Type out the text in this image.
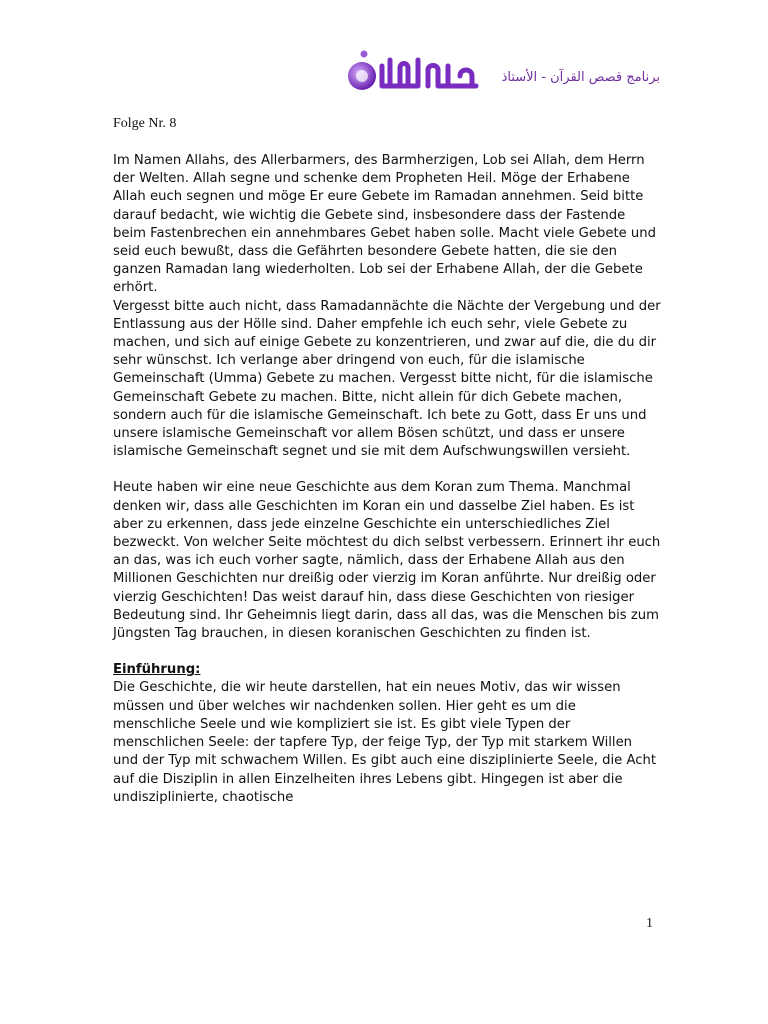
برنامج قصص القرآن - الأستاذ
Folge Nr. 8

Im Namen Allahs, des Allerbarmers, des Barmherzigen, Lob sei Allah, dem Herrn der Welten. Allah segne und schenke dem Propheten Heil. Möge der Erhabene Allah euch segnen und möge Er eure Gebete im Ramadan annehmen. Seid bitte darauf bedacht, wie wichtig die Gebete sind, insbesondere dass der Fastende beim Fastenbrechen ein annehmbares Gebet haben solle. Macht viele Gebete und seid euch bewußt, dass die Gefährten besondere Gebete hatten, die sie den ganzen Ramadan lang wiederholten. Lob sei der Erhabene Allah, der die Gebete erhört.

Vergesst bitte auch nicht, dass Ramadannächte die Nächte der Vergebung und der Entlassung aus der Hölle sind. Daher empfehle ich euch sehr, viele Gebete zu machen, und sich auf einige Gebete zu konzentrieren, und zwar auf die, die du dir sehr wünschst. Ich verlange aber dringend von euch, für die islamische Gemeinschaft (Umma) Gebete zu machen. Vergesst bitte nicht, für die islamische Gemeinschaft Gebete zu machen. Bitte, nicht allein für dich Gebete machen, sondern auch für die islamische Gemeinschaft. Ich bete zu Gott, dass Er uns und unsere islamische Gemeinschaft vor allem Bösen schützt, und dass er unsere islamische Gemeinschaft segnet und sie mit dem Aufschwungswillen versieht.

Heute haben wir eine neue Geschichte aus dem Koran zum Thema. Manchmal denken wir, dass alle Geschichten im Koran ein und dasselbe Ziel haben. Es ist aber zu erkennen, dass jede einzelne Geschichte ein unterschiedliches Ziel bezweckt. Von welcher Seite möchtest du dich selbst verbessern. Erinnert ihr euch an das, was ich euch vorher sagte, nämlich, dass der Erhabene Allah aus den Millionen Geschichten nur dreißig oder vierzig im Koran anführte. Nur dreißig oder vierzig Geschichten! Das weist darauf hin, dass diese Geschichten von riesiger Bedeutung sind. Ihr Geheimnis liegt darin, dass all das, was die Menschen bis zum Jüngsten Tag brauchen, in diesen koranischen Geschichten zu finden ist.

Einführung:

Die Geschichte, die wir heute darstellen, hat ein neues Motiv, das wir wissen müssen und über welches wir nachdenken sollen. Hier geht es um die menschliche Seele und wie kompliziert sie ist. Es gibt viele Typen der menschlichen Seele: der tapfere Typ, der feige Typ, der Typ mit starkem Willen und der Typ mit schwachem Willen. Es gibt auch eine disziplinierte Seele, die Acht auf die Disziplin in allen Einzelheiten ihres Lebens gibt. Hingegen ist aber die undisziplinierte, chaotische

1
